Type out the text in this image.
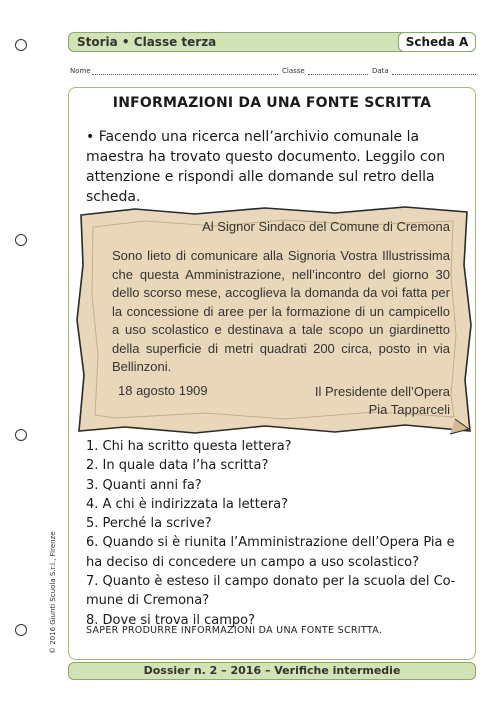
Storia • Classe terza	Scheda A
Nome	Classe	Data
INFORMAZIONI DA UNA FONTE SCRITTA
• Facendo una ricerca nell’archivio comunale la maestra ha trovato questo documento. Leggilo con attenzione e rispondi alle domande sul retro della scheda.
Al Signor Sindaco del Comune di Cremona
Sono lieto di comunicare alla Signoria Vostra Illustrissima che questa Amministrazione, nell’incontro del giorno 30 dello scorso mese, accoglieva la domanda da voi fatta per la concessione di aree per la formazione di un campicello a uso scolastico e destinava a tale scopo un giardinetto della superficie di metri quadrati 200 circa, posto in via Bellinzoni.
18 agosto 1909	Il Presidente dell’Opera
Pia Tapparceli
1. Chi ha scritto questa lettera?
2. In quale data l’ha scritta?
3. Quanti anni fa?
4. A chi è indirizzata la lettera?
5. Perché la scrive?
6. Quando si è riunita l’Amministrazione dell’Opera Pia e ha deciso di concedere un campo a uso scolastico?
7. Quanto è esteso il campo donato per la scuola del Comune di Cremona?
8. Dove si trova il campo?
SAPER PRODURRE INFORMAZIONI DA UNA FONTE SCRITTA.
© 2016 Giunti Scuola S.r.l., Firenze
Dossier n. 2 – 2016 – Verifiche intermedie
